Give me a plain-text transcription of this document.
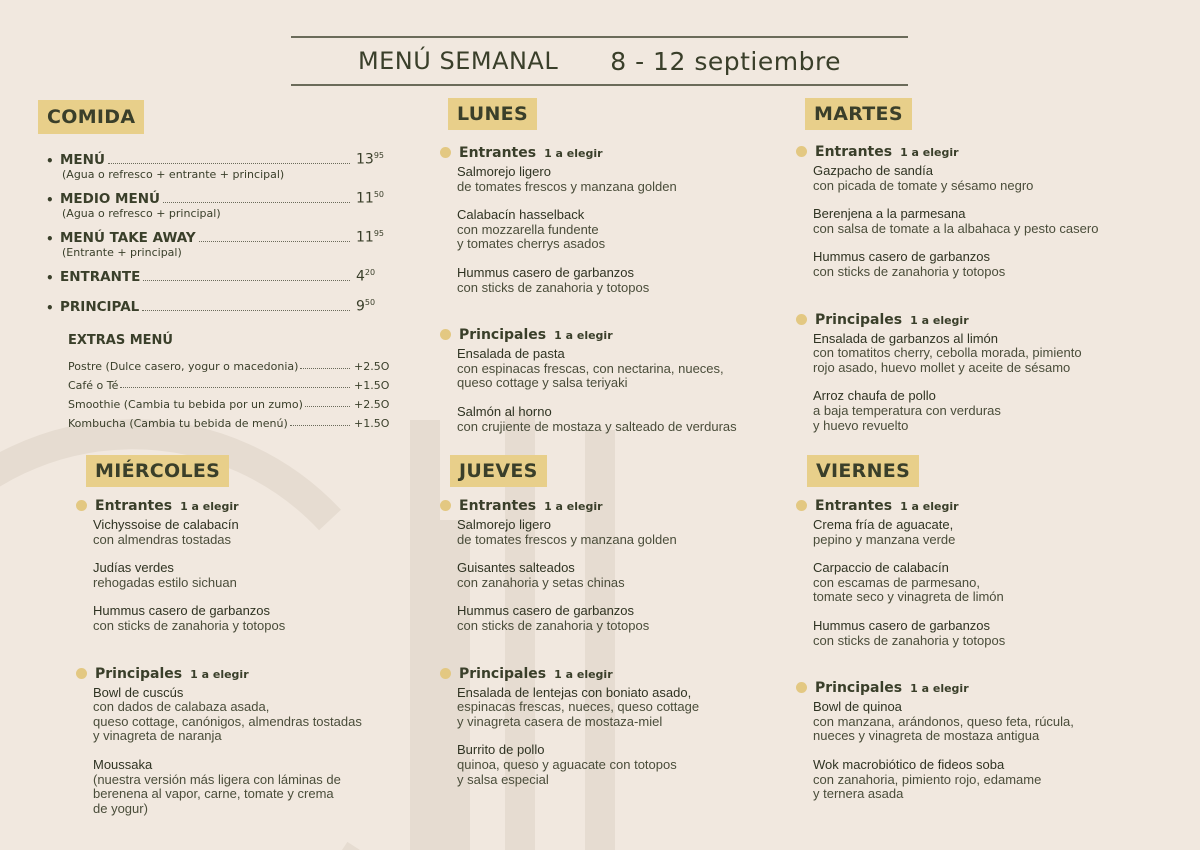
MENÚ SEMANAL 8 - 12 septiembre
COMIDA	LUNES	MARTES
MIÉRCOLES	JUEVES	VIERNES
• MENÚ	$13^{95}$
(Agua o refresco + entrante + principal)
• MEDIO MENÚ	$11^{50}$
(Agua o refresco + principal)
• MENÚ TAKE AWAY	$11^{95}$
(Entrante + principal)
• ENTRANTE	$4^{20}$
• PRINCIPAL	$9^{50}$
EXTRAS MENÚ
Postre (Dulce casero, yogur o macedonia)	+2.5O
Café o Té	+1.5O
Smoothie (Cambia tu bebida por un zumo)	+2.5O
Kombucha (Cambia tu bebida de menú)	+1.5O
Entrantes 1 a elegir
Salmorejo ligero
de tomates frescos y manzana golden
Calabacín hasselback
con mozzarella fundente
y tomates cherrys asados
Hummus casero de garbanzos
con sticks de zanahoria y totopos
Principales 1 a elegir
Ensalada de pasta
con espinacas frescas, con nectarina, nueces,
queso cottage y salsa teriyaki
Salmón al horno
con crujiente de mostaza y salteado de verduras
Entrantes 1 a elegir
Gazpacho de sandía
con picada de tomate y sésamo negro
Berenjena a la parmesana
con salsa de tomate a la albahaca y pesto casero
Hummus casero de garbanzos
con sticks de zanahoria y totopos
Principales 1 a elegir
Ensalada de garbanzos al limón
con tomatitos cherry, cebolla morada, pimiento
rojo asado, huevo mollet y aceite de sésamo
Arroz chaufa de pollo
a baja temperatura con verduras
y huevo revuelto
Entrantes 1 a elegir
Vichyssoise de calabacín
con almendras tostadas
Judías verdes
rehogadas estilo sichuan
Hummus casero de garbanzos
con sticks de zanahoria y totopos
Principales 1 a elegir
Bowl de cuscús
con dados de calabaza asada,
queso cottage, canónigos, almendras tostadas
y vinagreta de naranja
Moussaka
(nuestra versión más ligera con láminas de
berenena al vapor, carne, tomate y crema
de yogur)
Entrantes 1 a elegir
Salmorejo ligero
de tomates frescos y manzana golden
Guisantes salteados
con zanahoria y setas chinas
Hummus casero de garbanzos
con sticks de zanahoria y totopos
Principales 1 a elegir
Ensalada de lentejas con boniato asado,
espinacas frescas, nueces, queso cottage
y vinagreta casera de mostaza-miel
Burrito de pollo
quinoa, queso y aguacate con totopos
y salsa especial
Entrantes 1 a elegir
Crema fría de aguacate,
pepino y manzana verde
Carpaccio de calabacín
con escamas de parmesano,
tomate seco y vinagreta de limón
Hummus casero de garbanzos
con sticks de zanahoria y totopos
Principales 1 a elegir
Bowl de quinoa
con manzana, arándonos, queso feta, rúcula,
nueces y vinagreta de mostaza antigua
Wok macrobiótico de fideos soba
con zanahoria, pimiento rojo, edamame
y ternera asada
